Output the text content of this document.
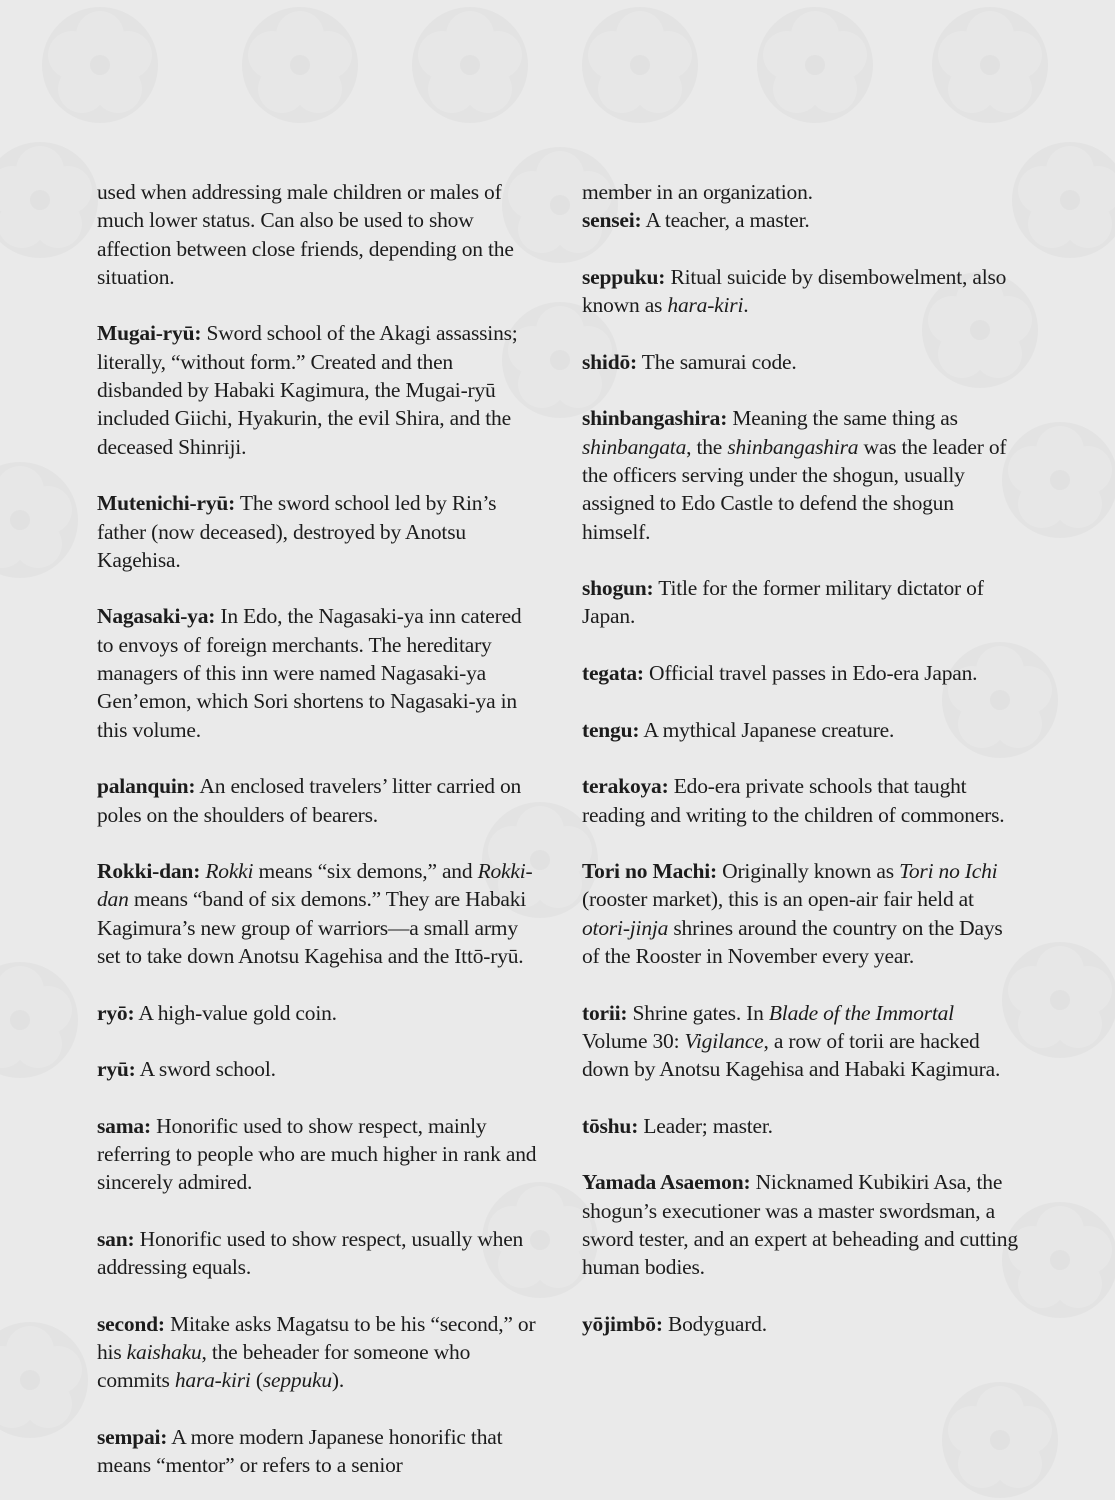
used when addressing male children or males of much lower status. Can also be used to show affection between close friends, depending on the situation.

Mugai-ryū: Sword school of the Akagi assassins; literally, “without form.” Created and then disbanded by Habaki Kagimura, the Mugai-ryū included Giichi, Hyakurin, the evil Shira, and the deceased Shinriji.

Mutenichi-ryū: The sword school led by Rin’s father (now deceased), destroyed by Anotsu Kagehisa.

Nagasaki-ya: In Edo, the Nagasaki-ya inn catered to envoys of foreign merchants. The hereditary managers of this inn were named Nagasaki-ya Gen’emon, which Sori shortens to Nagasaki-ya in this volume.

palanquin: An enclosed travelers’ litter carried on poles on the shoulders of bearers.

Rokki-dan: Rokki means “six demons,” and Rokki-dan means “band of six demons.” They are Habaki Kagimura’s new group of warriors—a small army set to take down Anotsu Kagehisa and the Ittō-ryū.

ryō: A high-value gold coin.

ryū: A sword school.

sama: Honorific used to show respect, mainly referring to people who are much higher in rank and sincerely admired.

san: Honorific used to show respect, usually when addressing equals.

second: Mitake asks Magatsu to be his “second,” or his kaishaku, the beheader for someone who commits hara-kiri (seppuku).

sempai: A more modern Japanese honorific that means “mentor” or refers to a senior

member in an organization.

sensei: A teacher, a master.

seppuku: Ritual suicide by disembowelment, also known as hara-kiri.

shidō: The samurai code.

shinbangashira: Meaning the same thing as shinbangata, the shinbangashira was the leader of the officers serving under the shogun, usually assigned to Edo Castle to defend the shogun himself.

shogun: Title for the former military dictator of Japan.

tegata: Official travel passes in Edo-era Japan.

tengu: A mythical Japanese creature.

terakoya: Edo-era private schools that taught reading and writing to the children of commoners.

Tori no Machi: Originally known as Tori no Ichi (rooster market), this is an open-air fair held at otori-jinja shrines around the country on the Days of the Rooster in November every year.

torii: Shrine gates. In Blade of the Immortal Volume 30: Vigilance, a row of torii are hacked down by Anotsu Kagehisa and Habaki Kagimura.

tōshu: Leader; master.

Yamada Asaemon: Nicknamed Kubikiri Asa, the shogun’s executioner was a master swordsman, a sword tester, and an expert at beheading and cutting human bodies.

yōjimbō: Bodyguard.
